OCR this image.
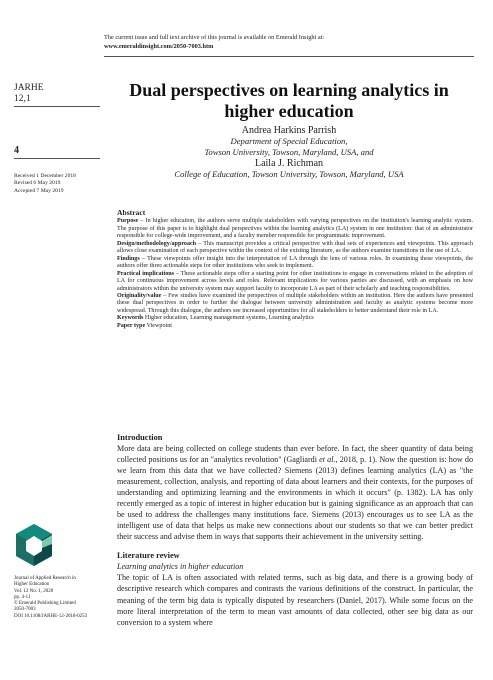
The current issue and full text archive of this journal is available on Emerald Insight at:
www.emeraldinsight.com/2050-7003.htm
JARHE
12,1
4
Received 1 December 2018
Revised 6 May 2019
Accepted 7 May 2019
Dual perspectives on learning analytics in higher education
Andrea Harkins Parrish
Department of Special Education,
Towson University, Towson, Maryland, USA, and
Laila J. Richman
College of Education, Towson University, Towson, Maryland, USA
Abstract

Purpose – In higher education, the authors serve multiple stakeholders with varying perspectives on the institution's learning analytic system. The purpose of this paper is to highlight dual perspectives within the learning analytics (LA) system in one institution: that of an administrator responsible for college-wide improvement, and a faculty member responsible for programmatic improvement.

Design/methodology/approach – This manuscript provides a critical perspective with dual sets of experiences and viewpoints. This approach allows close examination of each perspective within the context of the existing literature, as the authors examine transitions in the use of LA.

Findings – These viewpoints offer insight into the interpretation of LA through the lens of various roles. In examining these viewpoints, the authors offer three actionable steps for other institutions who seek to implement.

Practical implications – These actionable steps offer a starting point for other institutions to engage in conversations related to the adoption of LA for continuous improvement across levels and roles. Relevant implications for various parties are discussed, with an emphasis on how administrators within the university system may support faculty to incorporate LA as part of their scholarly and teaching responsibilities.

Originality/value – Few studies have examined the perspectives of multiple stakeholders within an institution. Here the authors have presented these dual perspectives in order to further the dialogue between university administration and faculty as analytic systems become more widespread. Through this dialogue, the authors see increased opportunities for all stakeholders to better understand their role in LA.

Keywords Higher education, Learning management systems, Learning analytics

Paper type Viewpoint

Introduction

More data are being collected on college students than ever before. In fact, the sheer quantity of data being collected positions us for an "analytics revolution" (Gagliardi et al., 2018, p. 1). Now the question is: how do we learn from this data that we have collected? Siemens (2013) defines learning analytics (LA) as "the measurement, collection, analysis, and reporting of data about learners and their contexts, for the purposes of understanding and optimizing learning and the environments in which it occurs" (p. 1382). LA has only recently emerged as a topic of interest in higher education but is gaining significance as an approach that can be used to address the challenges many institutions face. Siemens (2013) encourages us to see LA as the intelligent use of data that helps us make new connections about our students so that we can better predict their success and advise them in ways that supports their achievement in the university setting.

Literature review
Learning analytics in higher education

The topic of LA is often associated with related terms, such as big data, and there is a growing body of descriptive research which compares and contrasts the various definitions of the construct. In particular, the meaning of the term big data is typically disputed by researchers (Daniel, 2017). While some focus on the more literal interpretation of the term to mean vast amounts of data collected, other see big data as our conversion to a system where

Journal of Applied Research in
Higher Education
Vol. 12 No. 1, 2020
pp. 4-11
© Emerald Publishing Limited
2050-7003
DOI 10.1108/JARHE-12-2018-0253
